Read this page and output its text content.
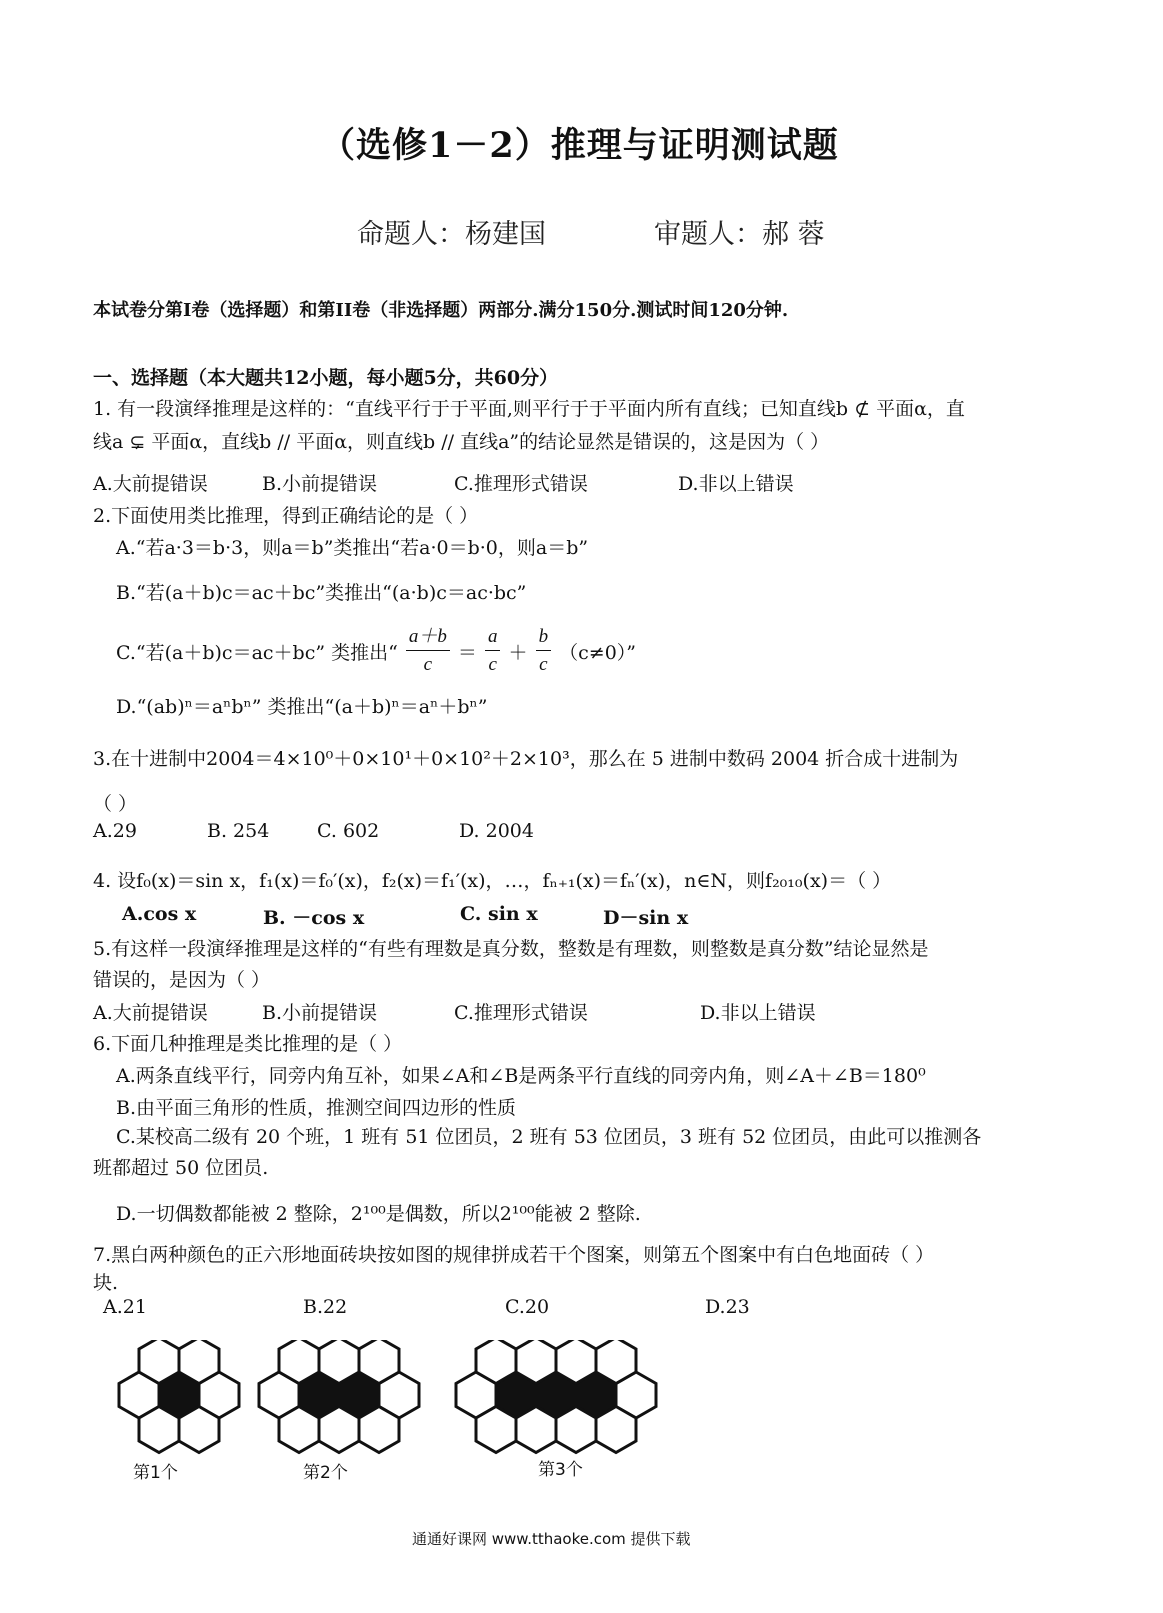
（选修1－2）推理与证明测试题
命题人：杨建国	审题人：郝 蓉
本试卷分第I卷（选择题）和第II卷（非选择题）两部分.满分150分.测试时间120分钟.
一、选择题（本大题共12小题，每小题5分，共60分）
1. 有一段演绎推理是这样的：“直线平行于于平面,则平行于于平面内所有直线；已知直线b ⊄ 平面α，直
线a ⊊ 平面α，直线b // 平面α，则直线b // 直线a”的结论显然是错误的，这是因为（ ）
A.大前提错误	B.小前提错误	C.推理形式错误	D.非以上错误
2.下面使用类比推理，得到正确结论的是（ ）
A.“若a·3＝b·3，则a＝b”类推出“若a·0＝b·0，则a＝b”
B.“若(a＋b)c＝ac＋bc”类推出“(a·b)c＝ac·bc”
C.“若(a＋b)c＝ac＋bc” 类推出“ $\frac{a+b}{c} = \frac{a}{c} + \frac{b}{c} (c\ne 0)$”
D.“(ab)ⁿ＝aⁿbⁿ” 类推出“(a＋b)ⁿ＝aⁿ＋bⁿ”
3.在十进制中2004＝4×10⁰＋0×10¹＋0×10²＋2×10³，那么在 5 进制中数码 2004 折合成十进制为
（ ）
A.29	B. 254	C. 602	D. 2004
4. 设f₀(x)＝sin x，f₁(x)＝f₀′(x)，f₂(x)＝f₁′(x)，…，fₙ₊₁(x)＝fₙ′(x)，n∈N，则f₂₀₁₀(x)＝（ ）
A.cos x	B. －cos x	C. sin x	D－sin x
5.有这样一段演绎推理是这样的“有些有理数是真分数，整数是有理数，则整数是真分数”结论显然是
错误的，是因为（ ）
A.大前提错误	B.小前提错误	C.推理形式错误	D.非以上错误
6.下面几种推理是类比推理的是（ ）
A.两条直线平行，同旁内角互补，如果∠A和∠B是两条平行直线的同旁内角，则∠A＋∠B＝180⁰
B.由平面三角形的性质，推测空间四边形的性质
C.某校高二级有 20 个班，1 班有 51 位团员，2 班有 53 位团员，3 班有 52 位团员，由此可以推测各
班都超过 50 位团员.
D.一切偶数都能被 2 整除，2¹⁰⁰是偶数，所以2¹⁰⁰能被 2 整除.
7.黑白两种颜色的正六形地面砖块按如图的规律拼成若干个图案，则第五个图案中有白色地面砖（ ）
块.
A.21	B.22	C.20	D.23
第1个	第2个	第3个
通通好课网 www.tthaoke.com 提供下载
